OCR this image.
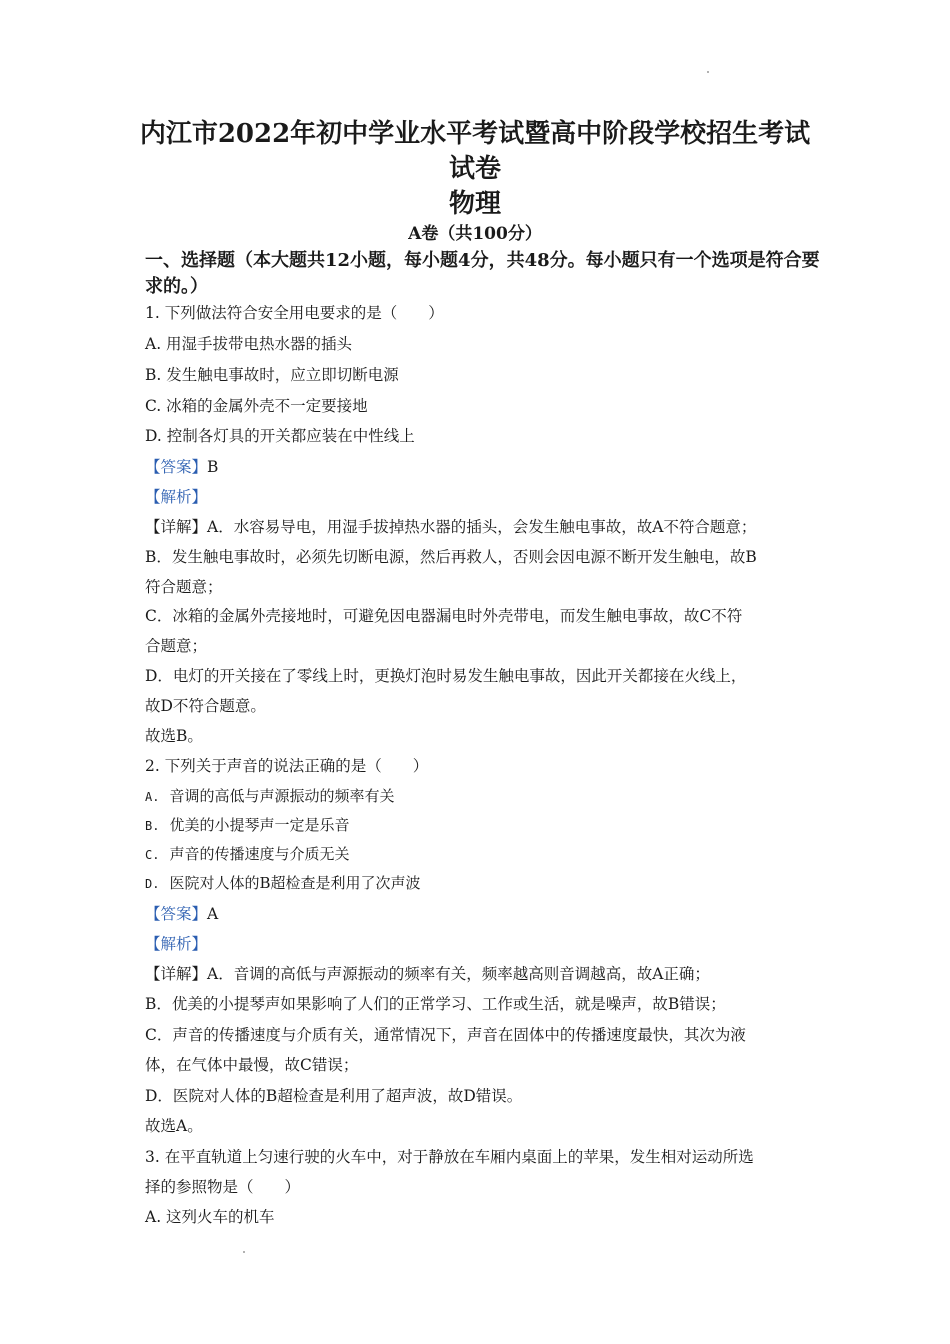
内江市2022年初中学业水平考试暨高中阶段学校招生考试
试卷
物理
A卷（共100分）
一、选择题（本大题共12小题，每小题4分，共48分。每小题只有一个选项是符合要求的。）
1. 下列做法符合安全用电要求的是（　　）
A. 用湿手拔带电热水器的插头
B. 发生触电事故时，应立即切断电源
C. 冰箱的金属外壳不一定要接地
D. 控制各灯具的开关都应装在中性线上
【答案】B
【解析】
【详解】A．水容易导电，用湿手拔掉热水器的插头，会发生触电事故，故A不符合题意；
B．发生触电事故时，必须先切断电源，然后再救人，否则会因电源不断开发生触电，故B
符合题意；
C．冰箱的金属外壳接地时，可避免因电器漏电时外壳带电，而发生触电事故，故C不符
合题意；
D．电灯的开关接在了零线上时，更换灯泡时易发生触电事故，因此开关都接在火线上，
故D不符合题意。
故选B。
2. 下列关于声音的说法正确的是（　　）
A. 音调的高低与声源振动的频率有关
B. 优美的小提琴声一定是乐音
C. 声音的传播速度与介质无关
D. 医院对人体的B超检查是利用了次声波
【答案】A
【解析】
【详解】A．音调的高低与声源振动的频率有关，频率越高则音调越高，故A正确；
B．优美的小提琴声如果影响了人们的正常学习、工作或生活，就是噪声，故B错误；
C．声音的传播速度与介质有关，通常情况下，声音在固体中的传播速度最快，其次为液
体，在气体中最慢，故C错误；
D．医院对人体的B超检查是利用了超声波，故D错误。
故选A。
3. 在平直轨道上匀速行驶的火车中，对于静放在车厢内桌面上的苹果，发生相对运动所选
择的参照物是（　　）
A. 这列火车的机车
